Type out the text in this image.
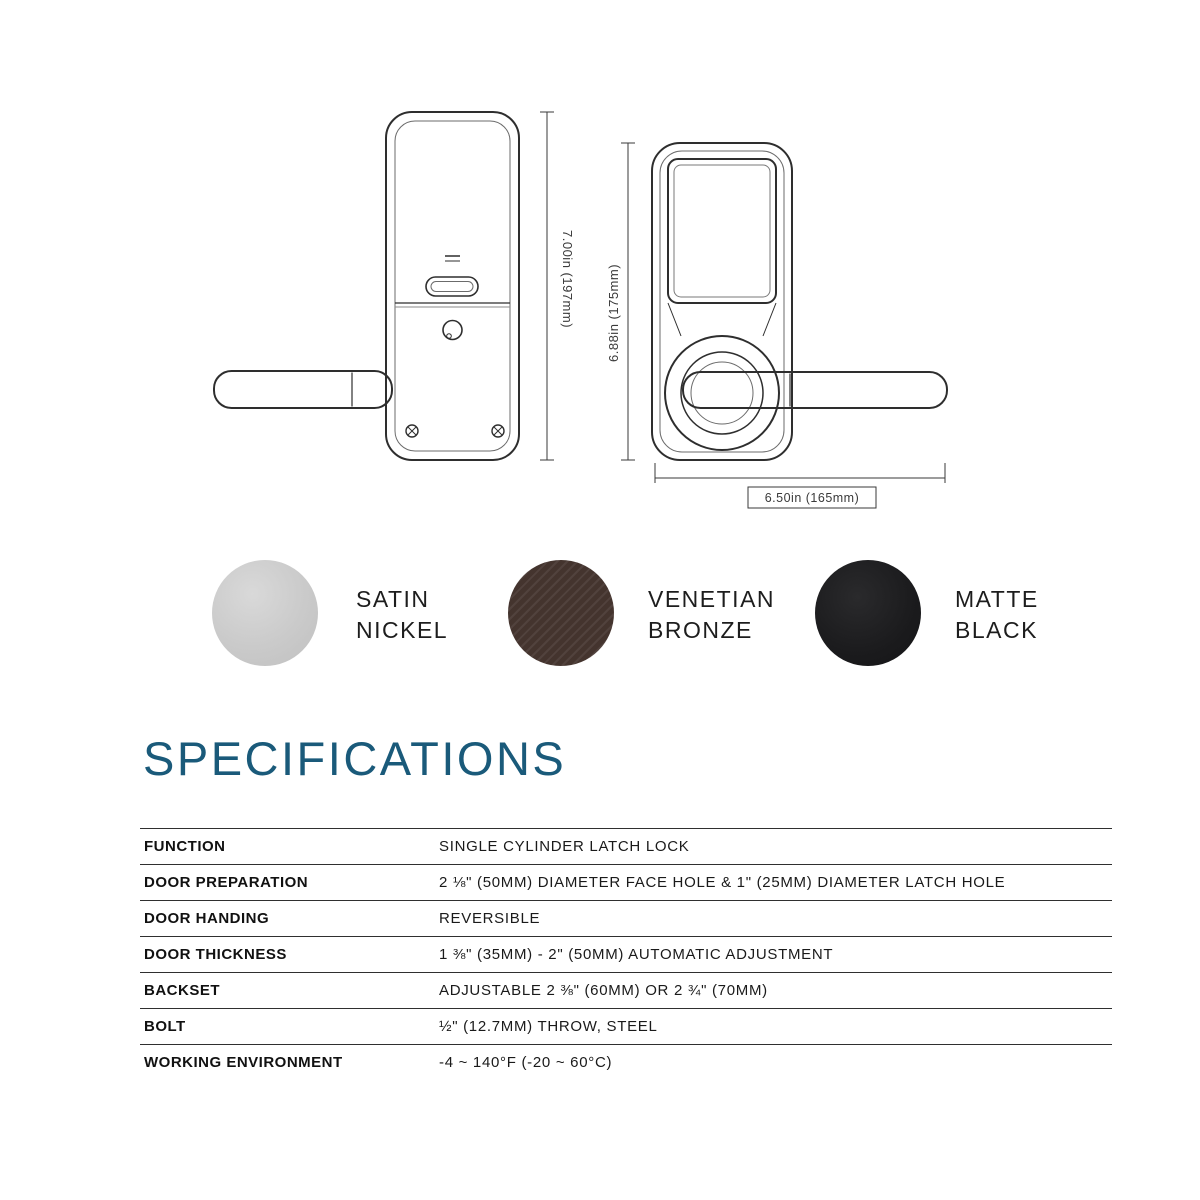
7.00in (197mm) 6.88in (175mm)
6.50in (165mm)
SATIN NICKEL
VENETIAN BRONZE
MATTE BLACK
SPECIFICATIONS
FUNCTION	SINGLE CYLINDER LATCH LOCK
DOOR PREPARATION	2 ⅛" (50MM) DIAMETER FACE HOLE & 1" (25MM) DIAMETER LATCH HOLE
DOOR HANDING	REVERSIBLE
DOOR THICKNESS	1 ⅜" (35MM) - 2" (50MM) AUTOMATIC ADJUSTMENT
BACKSET	ADJUSTABLE 2 ⅜" (60MM) OR 2 ¾" (70MM)
BOLT	½" (12.7MM) THROW, STEEL
WORKING ENVIRONMENT	-4 ~ 140°F (-20 ~ 60°C)
